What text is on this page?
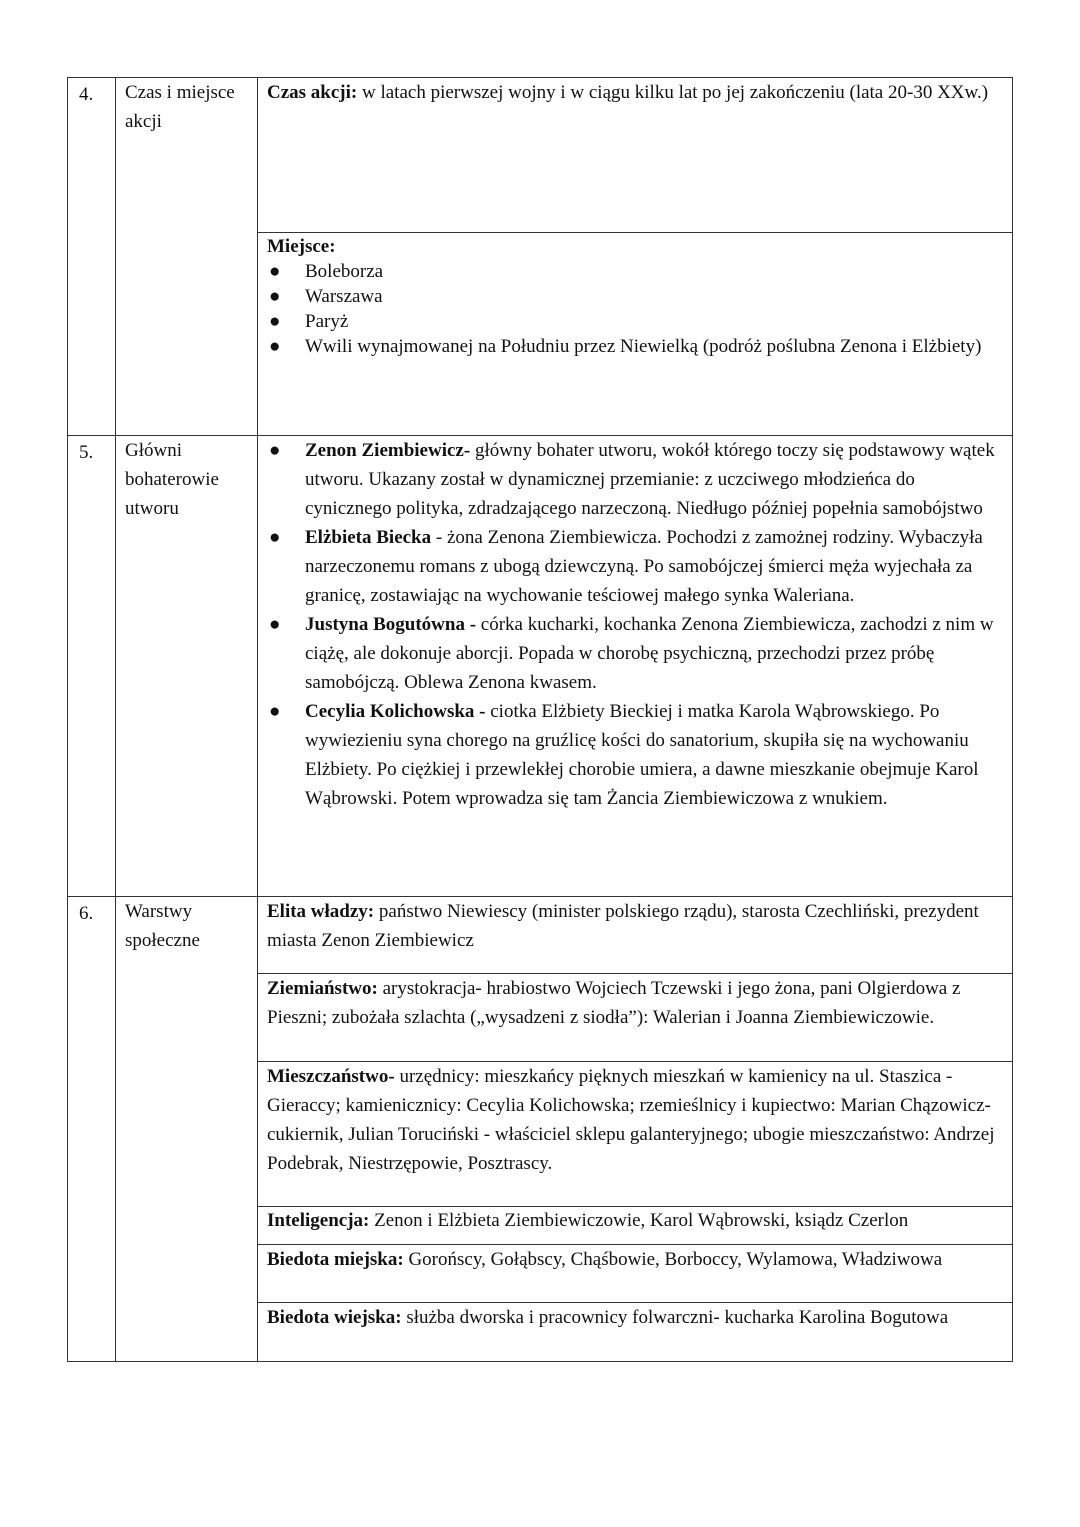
4. Czas i miejsce akcji
Czas akcji: w latach pierwszej wojny i w ciągu kilku lat po jej zakończeniu (lata 20-30 XXw.)
Miejsce:
● Boleborza
● Warszawa
● Paryż
● Wwili wynajmowanej na Południu przez Niewielką (podróż poślubna Zenona i Elżbiety)
5. Główni bohaterowie utworu
● Zenon Ziembiewicz- główny bohater utworu, wokół którego toczy się podstawowy wątek utworu. Ukazany został w dynamicznej przemianie: z uczciwego młodzieńca do cynicznego polityka, zdradzającego narzeczoną. Niedługo później popełnia samobójstwo
● Elżbieta Biecka - żona Zenona Ziembiewicza. Pochodzi z zamożnej rodziny. Wybaczyła narzeczonemu romans z ubogą dziewczyną. Po samobójczej śmierci męża wyjechała za granicę, zostawiając na wychowanie teściowej małego synka Waleriana.
● Justyna Bogutówna - córka kucharki, kochanka Zenona Ziembiewicza, zachodzi z nim w ciążę, ale dokonuje aborcji. Popada w chorobę psychiczną, przechodzi przez próbę samobójczą. Oblewa Zenona kwasem.
● Cecylia Kolichowska - ciotka Elżbiety Bieckiej i matka Karola Wąbrowskiego. Po wywiezieniu syna chorego na gruźlicę kości do sanatorium, skupiła się na wychowaniu Elżbiety. Po ciężkiej i przewlekłej chorobie umiera, a dawne mieszkanie obejmuje Karol Wąbrowski. Potem wprowadza się tam Żancia Ziembiewiczowa z wnukiem.
6. Warstwy społeczne
Elita władzy: państwo Niewiescy (minister polskiego rządu), starosta Czechliński, prezydent miasta Zenon Ziembiewicz
Ziemiaństwo: arystokracja- hrabiostwo Wojciech Tczewski i jego żona, pani Olgierdowa z Pieszni; zubożała szlachta („wysadzeni z siodła”): Walerian i Joanna Ziembiewiczowie.
Mieszczaństwo- urzędnicy: mieszkańcy pięknych mieszkań w kamienicy na ul. Staszica - Gieraccy; kamienicznicy: Cecylia Kolichowska; rzemieślnicy i kupiectwo: Marian Chązowicz- cukiernik, Julian Toruciński - właściciel sklepu galanteryjnego; ubogie mieszczaństwo: Andrzej Podebrak, Niestrzępowie, Posztrascy.
Inteligencja: Zenon i Elżbieta Ziembiewiczowie, Karol Wąbrowski, ksiądz Czerlon
Biedota miejska: Gorońscy, Gołąbscy, Chąśbowie, Borboccy, Wylamowa, Władziwowa
Biedota wiejska: służba dworska i pracownicy folwarczni- kucharka Karolina Bogutowa
